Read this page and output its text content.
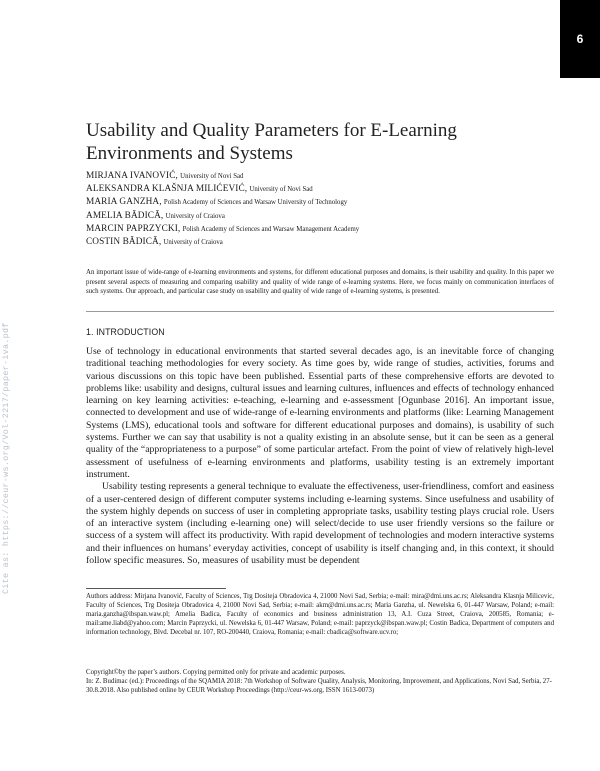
6
Cite as: https://ceur-ws.org/Vol-2217/paper-iva.pdf
Usability and Quality Parameters for E-Learning Environments and Systems
MIRJANA IVANOVIĆ, University of Novi Sad
ALEKSANDRA KLAŠNJA MILIĆEVIĆ, University of Novi Sad
MARIA GANZHA, Polish Academy of Sciences and Warsaw University of Technology
AMELIA BĂDICĂ, University of Craiova
MARCIN PAPRZYCKI, Polish Academy of Sciences and Warsaw Management Academy
COSTIN BĂDICĂ, University of Craiova
An important issue of wide-range of e-learning environments and systems, for different educational purposes and domains, is their usability and quality. In this paper we present several aspects of measuring and comparing usability and quality of wide range of e-learning systems. Here, we focus mainly on communication interfaces of such systems. Our approach, and particular case study on usability and quality of wide range of e-learning systems, is presented.
1. INTRODUCTION

Use of technology in educational environments that started several decades ago, is an inevitable force of changing traditional teaching methodologies for every society. As time goes by, wide range of studies, activities, forums and various discussions on this topic have been published. Essential parts of these comprehensive efforts are devoted to problems like: usability and designs, cultural issues and learning cultures, influences and effects of technology enhanced learning on key learning activities: e-teaching, e-learning and e-assessment [Ogunbase 2016]. An important issue, connected to development and use of wide-range of e-learning environments and platforms (like: Learning Management Systems (LMS), educational tools and software for different educational purposes and domains), is usability of such systems. Further we can say that usability is not a quality existing in an absolute sense, but it can be seen as a general quality of the “appropriateness to a purpose” of some particular artefact. From the point of view of relatively high-level assessment of usefulness of e-learning environments and platforms, usability testing is an extremely important instrument.

Usability testing represents a general technique to evaluate the effectiveness, user-friendliness, comfort and easiness of a user-centered design of different computer systems including e-learning systems. Since usefulness and usability of the system highly depends on success of user in completing appropriate tasks, usability testing plays crucial role. Users of an interactive system (including e-learning one) will select/decide to use user friendly versions so the failure or success of a system will affect its productivity. With rapid development of technologies and modern interactive systems and their influences on humans’ everyday activities, concept of usability is itself changing and, in this context, it should follow specific measures. So, measures of usability must be dependent

Authors address: Mirjana Ivanović, Faculty of Sciences, Trg Dositeja Obradovica 4, 21000 Novi Sad, Serbia; e-mail: mira@dmi.uns.ac.rs; Aleksandra Klasnja Milicevic, Faculty of Sciences, Trg Dositeja Obradovica 4, 21000 Novi Sad, Serbia; e-mail: akm@dmi.uns.ac.rs; Maria Ganzha, ul. Newelska 6, 01-447 Warsaw, Poland; e-mail: maria.ganzha@ibspan.waw.pl; Amelia Badica, Faculty of economics and business administration 13, A.I. Cuza Street, Craiova, 200585, Romania; e-mail:ame.liabd@yahoo.com; Marcin Paprzycki, ul. Newelska 6, 01-447 Warsaw, Poland; e-mail: paprzyck@ibspan.waw.pl; Costin Badica, Department of computers and information technology, Blvd. Decebal nr. 107, RO-200440, Craiova, Romania; e-mail: cbadica@software.ucv.ro;

Copyright©by the paper’s authors. Copying permitted only for private and academic purposes.

In: Z. Budimac (ed.): Proceedings of the SQAMIA 2018: 7th Workshop of Software Quality, Analysis, Monitoring, Improvement, and Applications, Novi Sad, Serbia, 27-30.8.2018. Also published online by CEUR Workshop Proceedings (http://ceur-ws.org, ISSN 1613-0073)
